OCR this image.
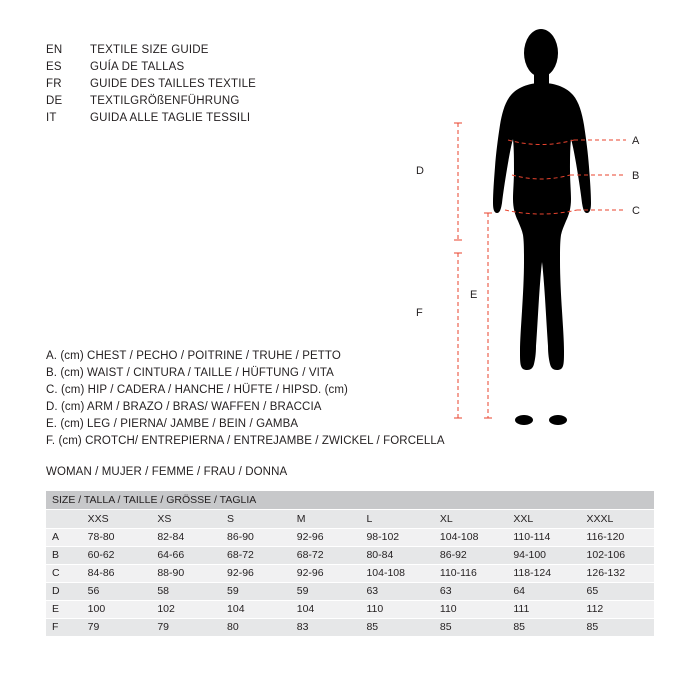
EN	TEXTILE SIZE GUIDE
ES	GUÍA DE TALLAS
FR	GUIDE DES TAILLES TEXTILE
DE	TEXTILGRÖßENFÜHRUNG
IT	GUIDA ALLE TAGLIE TESSILI
A. (cm) CHEST / PECHO / POITRINE / TRUHE / PETTO
B. (cm) WAIST / CINTURA / TAILLE / HÜFTUNG / VITA
C. (cm) HIP / CADERA / HANCHE / HÜFTE / HIPSD. (cm)
D. (cm) ARM / BRAZO / BRAS/ WAFFEN / BRACCIA
E. (cm) LEG / PIERNA/ JAMBE / BEIN / GAMBA
F. (cm) CROTCH/ ENTREPIERNA / ENTREJAMBE / ZWICKEL / FORCELLA
WOMAN / MUJER / FEMME / FRAU / DONNA
A
B
C
D
E
F
SIZE / TALLA / TAILLE / GRÖSSE / TAGLIA								
	XXS	XS	S	M	L	XL	XXL	XXXL
A	78-80	82-84	86-90	92-96	98-102	104-108	110-114	116-120
B	60-62	64-66	68-72	68-72	80-84	86-92	94-100	102-106
C	84-86	88-90	92-96	92-96	104-108	110-116	118-124	126-132
D	56	58	59	59	63	63	64	65
E	100	102	104	104	110	110	111	112
F	79	79	80	83	85	85	85	85
